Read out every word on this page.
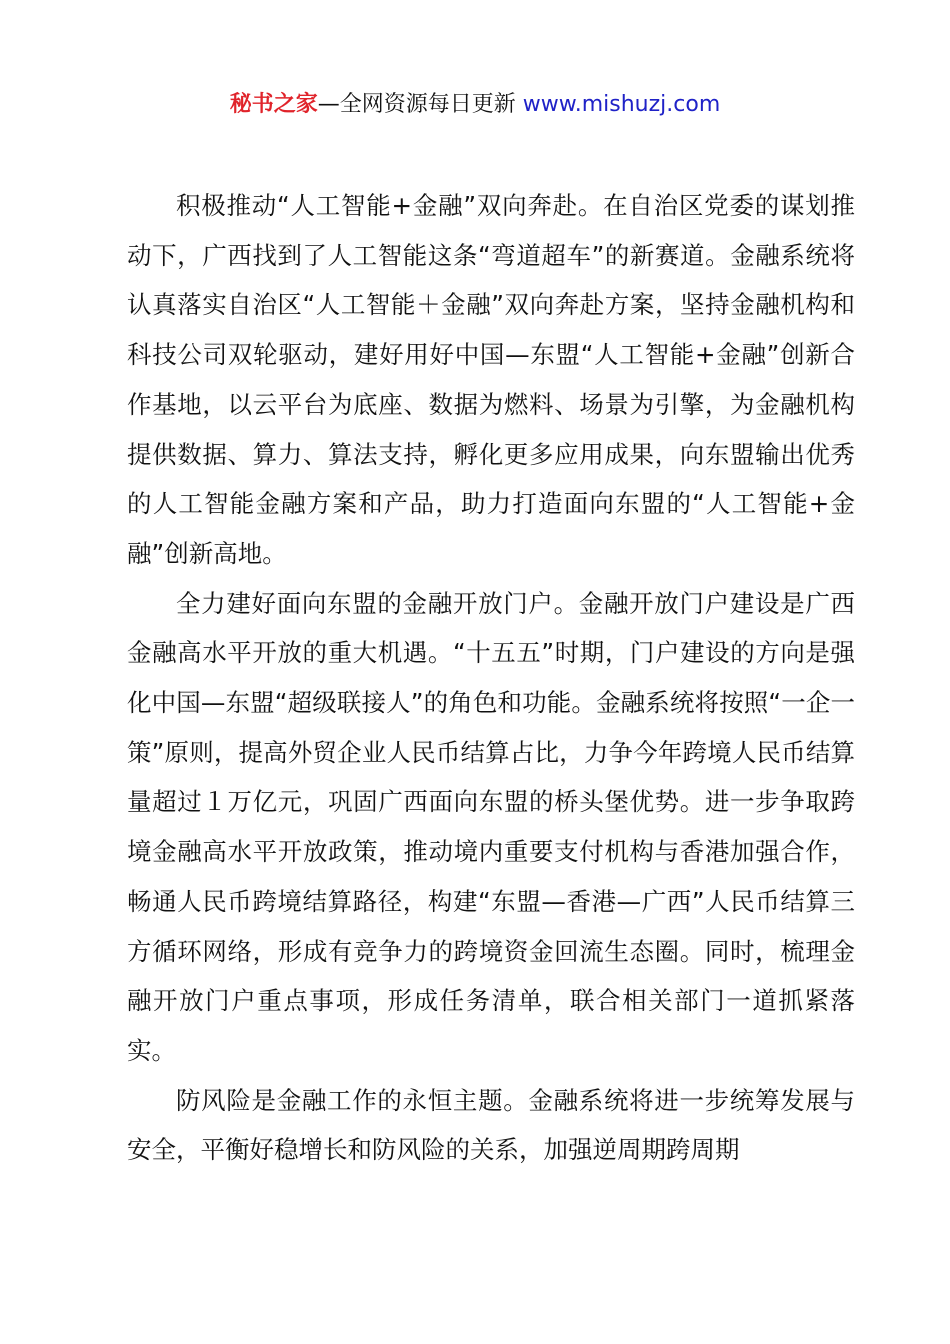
秘书之家—全网资源每日更新 www.mishuzj.com

积极推动“人工智能+金融”双向奔赴。在自治区党委的谋划推动下，广西找到了人工智能这条“弯道超车”的新赛道。金融系统将认真落实自治区“人工智能＋金融”双向奔赴方案，坚持金融机构和科技公司双轮驱动，建好用好中国—东盟“人工智能+金融”创新合作基地，以云平台为底座、数据为燃料、场景为引擎，为金融机构提供数据、算力、算法支持，孵化更多应用成果，向东盟输出优秀的人工智能金融方案和产品，助力打造面向东盟的“人工智能+金融”创新高地。

全力建好面向东盟的金融开放门户。金融开放门户建设是广西金融高水平开放的重大机遇。“十五五”时期，门户建设的方向是强化中国—东盟“超级联接人”的角色和功能。金融系统将按照“一企一策”原则，提高外贸企业人民币结算占比，力争今年跨境人民币结算量超过１万亿元，巩固广西面向东盟的桥头堡优势。进一步争取跨境金融高水平开放政策，推动境内重要支付机构与香港加强合作，畅通人民币跨境结算路径，构建“东盟—香港—广西”人民币结算三方循环网络，形成有竞争力的跨境资金回流生态圈。同时，梳理金融开放门户重点事项，形成任务清单，联合相关部门一道抓紧落实。

防风险是金融工作的永恒主题。金融系统将进一步统筹发展与安全，平衡好稳增长和防风险的关系，加强逆周期跨周期
